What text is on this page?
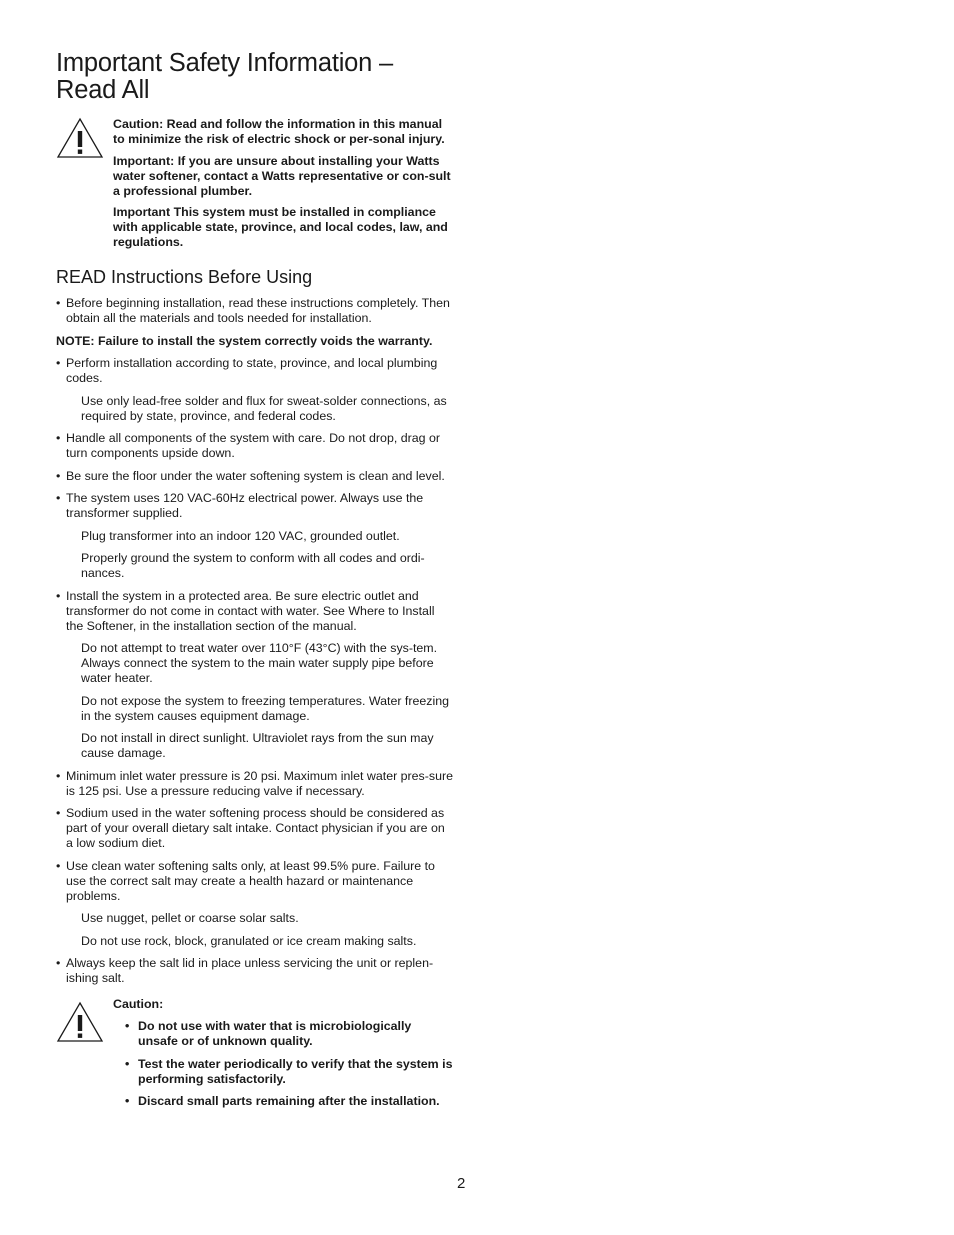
Important Safety Information –
Read All

Caution: Read and follow the information in this manual to minimize the risk of electric shock or per-sonal injury.

Important: If you are unsure about installing your Watts water softener, contact a Watts representative or con-sult a professional plumber.

Important This system must be installed in compliance with applicable state, province, and local codes, law, and regulations.

READ Instructions Before Using
• Before beginning installation, read these instructions completely. Then obtain all the materials and tools needed for installation.
NOTE: Failure to install the system correctly voids the warranty.
• Perform installation according to state, province, and local plumbing codes.
Use only lead-free solder and flux for sweat-solder connections, as required by state, province, and federal codes.
• Handle all components of the system with care. Do not drop, drag or turn components upside down.
• Be sure the floor under the water softening system is clean and level.
• The system uses 120 VAC-60Hz electrical power. Always use the transformer supplied.
Plug transformer into an indoor 120 VAC, grounded outlet.
Properly ground the system to conform with all codes and ordi-nances.
• Install the system in a protected area. Be sure electric outlet and transformer do not come in contact with water. See Where to Install the Softener, in the installation section of the manual.
Do not attempt to treat water over 110°F (43°C) with the sys-tem. Always connect the system to the main water supply pipe before water heater.
Do not expose the system to freezing temperatures. Water freezing in the system causes equipment damage.
Do not install in direct sunlight. Ultraviolet rays from the sun may cause damage.
• Minimum inlet water pressure is 20 psi. Maximum inlet water pres-sure is 125 psi. Use a pressure reducing valve if necessary.
• Sodium used in the water softening process should be considered as part of your overall dietary salt intake. Contact physician if you are on a low sodium diet.
• Use clean water softening salts only, at least 99.5% pure. Failure to use the correct salt may create a health hazard or maintenance problems.
Use nugget, pellet or coarse solar salts.
Do not use rock, block, granulated or ice cream making salts.
• Always keep the salt lid in place unless servicing the unit or replen-ishing salt.
Caution:
• Do not use with water that is microbiologically unsafe or of unknown quality.
• Test the water periodically to verify that the system is performing satisfactorily.
• Discard small parts remaining after the installation.
2
